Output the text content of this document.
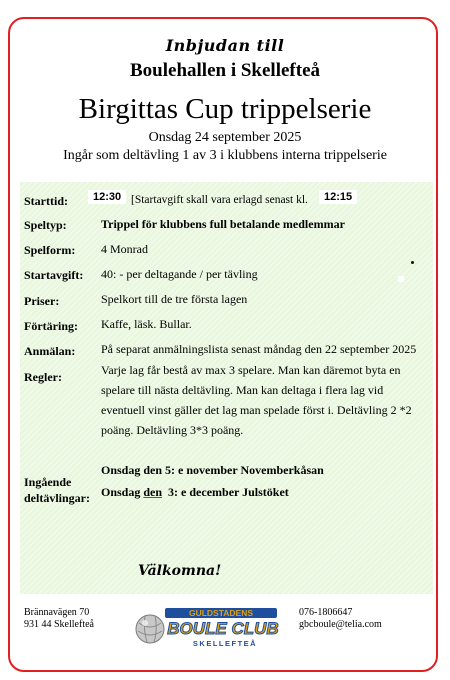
Inbjudan till
Boulehallen i Skellefteå
Birgittas Cup trippelserie
Onsdag 24 september 2025
Ingår som deltävling 1 av 3 i klubbens interna trippelserie
Starttid:	12:30 [Startavgift skall vara erlagd senast kl.	12:15
Speltyp:	Trippel för klubbens full betalande medlemmar
Spelform: 4 Monrad
Startavgift: 40: - per deltagande / per tävling
Priser:	Spelkort till de tre första lagen
Förtäring: Kaffe, läsk. Bullar.
Anmälan: På separat anmälningslista senast måndag den 22 september 2025
Regler:	Varje lag får bestå av max 3 spelare. Man kan däremot byta en spelare till nästa deltävling. Man kan deltaga i flera lag vid eventuell vinst gäller det lag man spelade först i. Deltävling 2 *2 poäng. Deltävling 3*3 poäng.
Ingående
deltävlingar:
Onsdag den 5: e november Novemberkåsan
Onsdag den  3: e december Julstöket
Välkomna!
Brännavägen 70
931 44 Skellefteå
GULDSTADENS
BOULE CLUB
SKELLEFTEÅ
076-1806647
gbcboule@telia.com
